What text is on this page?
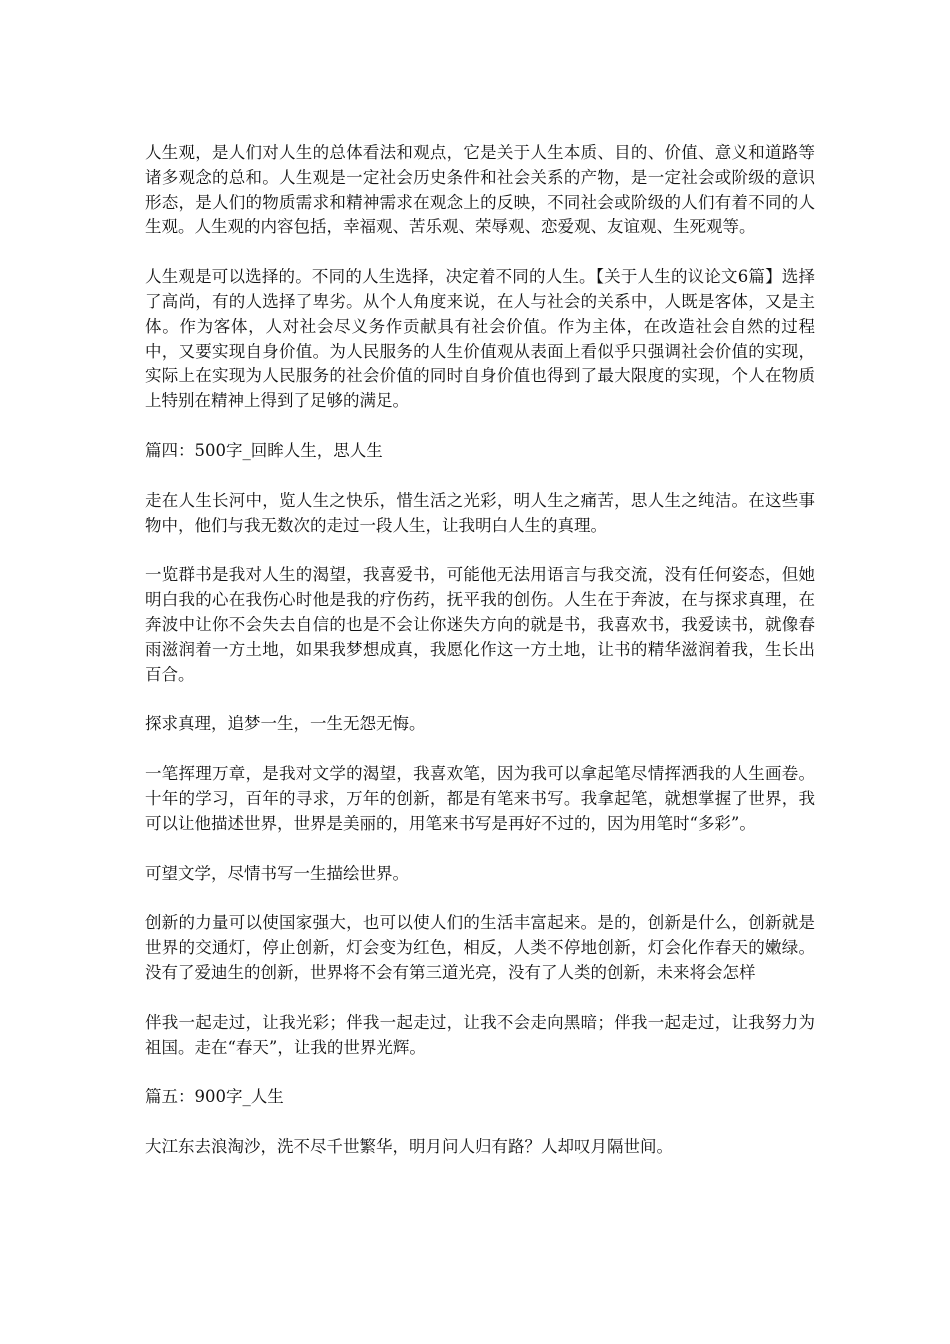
人生观，是人们对人生的总体看法和观点，它是关于人生本质、目的、价值、意义和道路等诸多观念的总和。人生观是一定社会历史条件和社会关系的产物，是一定社会或阶级的意识形态，是人们的物质需求和精神需求在观念上的反映，不同社会或阶级的人们有着不同的人生观。人生观的内容包括，幸福观、苦乐观、荣辱观、恋爱观、友谊观、生死观等。

人生观是可以选择的。不同的人生选择，决定着不同的人生。【关于人生的议论文6篇】选择了高尚，有的人选择了卑劣。从个人角度来说，在人与社会的关系中，人既是客体，又是主体。作为客体，人对社会尽义务作贡献具有社会价值。作为主体，在改造社会自然的过程中，又要实现自身价值。为人民服务的人生价值观从表面上看似乎只强调社会价值的实现，实际上在实现为人民服务的社会价值的同时自身价值也得到了最大限度的实现，个人在物质上特别在精神上得到了足够的满足。

篇四：500字_回眸人生，思人生

走在人生长河中，览人生之快乐，惜生活之光彩，明人生之痛苦，思人生之纯洁。在这些事物中，他们与我无数次的走过一段人生，让我明白人生的真理。

一览群书是我对人生的渴望，我喜爱书，可能他无法用语言与我交流，没有任何姿态，但她明白我的心在我伤心时他是我的疗伤药，抚平我的创伤。人生在于奔波，在与探求真理，在奔波中让你不会失去自信的也是不会让你迷失方向的就是书，我喜欢书，我爱读书，就像春雨滋润着一方土地，如果我梦想成真，我愿化作这一方土地，让书的精华滋润着我，生长出百合。

探求真理，追梦一生，一生无怨无悔。

一笔挥理万章，是我对文学的渴望，我喜欢笔，因为我可以拿起笔尽情挥洒我的人生画卷。十年的学习，百年的寻求，万年的创新，都是有笔来书写。我拿起笔，就想掌握了世界，我可以让他描述世界，世界是美丽的，用笔来书写是再好不过的，因为用笔时“多彩”。

可望文学，尽情书写一生描绘世界。

创新的力量可以使国家强大，也可以使人们的生活丰富起来。是的，创新是什么，创新就是世界的交通灯，停止创新，灯会变为红色，相反，人类不停地创新，灯会化作春天的嫩绿。没有了爱迪生的创新，世界将不会有第三道光亮，没有了人类的创新，未来将会怎样

伴我一起走过，让我光彩；伴我一起走过，让我不会走向黑暗；伴我一起走过，让我努力为祖国。走在“春天”，让我的世界光辉。

篇五：900字_人生

大江东去浪淘沙，洗不尽千世繁华，明月问人归有路？人却叹月隔世间。
